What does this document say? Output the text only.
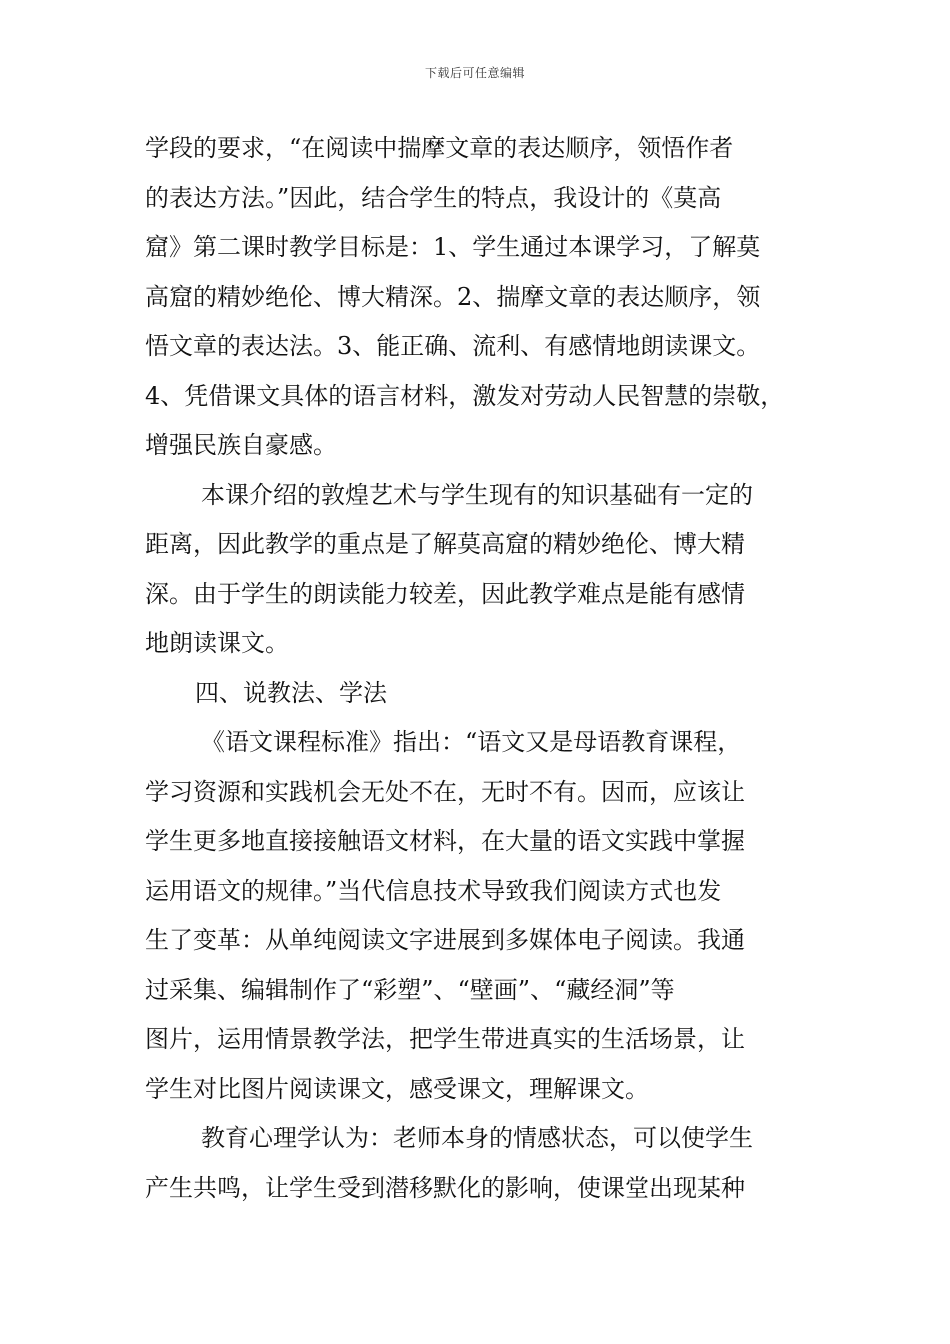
下载后可任意编辑
学段的要求，“在阅读中揣摩文章的表达顺序，领悟作者
的表达方法。”因此，结合学生的特点，我设计的《莫高
窟》第二课时教学目标是：1、学生通过本课学习，了解莫
高窟的精妙绝伦、博大精深。2、揣摩文章的表达顺序，领
悟文章的表达法。3、能正确、流利、有感情地朗读课文。
4、凭借课文具体的语言材料，激发对劳动人民智慧的崇敬，
增强民族自豪感。
本课介绍的敦煌艺术与学生现有的知识基础有一定的
距离，因此教学的重点是了解莫高窟的精妙绝伦、博大精
深。由于学生的朗读能力较差，因此教学难点是能有感情
地朗读课文。
四、说教法、学法
《语文课程标准》指出：“语文又是母语教育课程，
学习资源和实践机会无处不在，无时不有。因而，应该让
学生更多地直接接触语文材料，在大量的语文实践中掌握
运用语文的规律。”当代信息技术导致我们阅读方式也发
生了变革：从单纯阅读文字进展到多媒体电子阅读。我通
过采集、编辑制作了“彩塑”、“壁画”、“藏经洞”等
图片，运用情景教学法，把学生带进真实的生活场景，让
学生对比图片阅读课文，感受课文，理解课文。
教育心理学认为：老师本身的情感状态，可以使学生
产生共鸣，让学生受到潜移默化的影响，使课堂出现某种
